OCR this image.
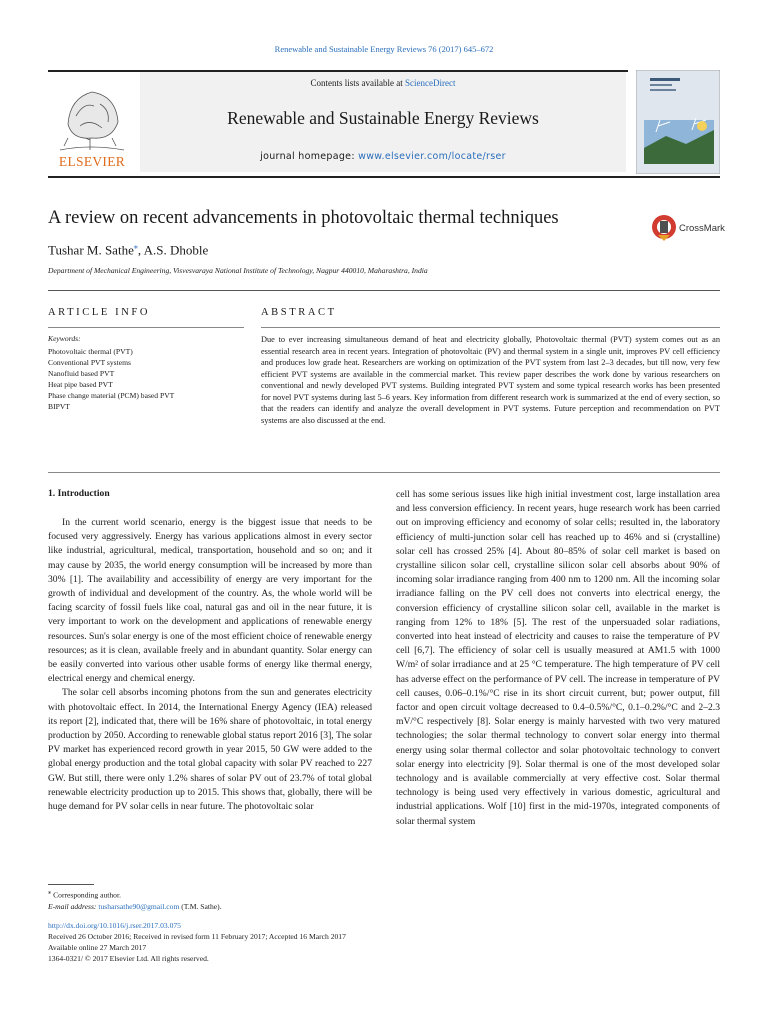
Renewable and Sustainable Energy Reviews 76 (2017) 645–672
ELSEVIER
Contents lists available at ScienceDirect
Renewable and Sustainable Energy Reviews
journal homepage: www.elsevier.com/locate/rser
A review on recent advancements in photovoltaic thermal techniques
CrossMark
Tushar M. Sathe⁎, A.S. Dhoble
Department of Mechanical Engineering, Visvesvaraya National Institute of Technology, Nagpur 440010, Maharashtra, India
ARTICLE INFO	ABSTRACT
Keywords:
Photovoltaic thermal (PVT)
Conventional PVT systems
Nanofluid based PVT
Heat pipe based PVT
Phase change material (PCM) based PVT
BIPVT

Due to ever increasing simultaneous demand of heat and electricity globally, Photovoltaic thermal (PVT) system comes out as an essential research area in recent years. Integration of photovoltaic (PV) and thermal system in a single unit, improves PV cell efficiency and produces low grade heat. Researchers are working on optimization of the PVT system from last 2–3 decades, but till now, very few efficient PVT systems are available in the commercial market. This review paper describes the work done by various researchers on conventional and newly developed PVT systems. Building integrated PVT system and some typical research works has been presented for novel PVT systems during last 5–6 years. Key information from different research work is summarized at the end of every section, so that the readers can identify and analyze the overall development in PVT systems. Future perception and recommendation on PVT systems are also discussed at the end.

1. Introduction

In the current world scenario, energy is the biggest issue that needs to be focused very aggressively. Energy has various applications almost in every sector like industrial, agricultural, medical, transportation, household and so on; and it may cause by 2035, the world energy consumption will be increased by more than 30% [1]. The availability and accessibility of energy are very important for the growth of individual and development of the country. As, the whole world will be facing scarcity of fossil fuels like coal, natural gas and oil in the near future, it is very important to work on the development and applications of renewable energy resources. Sun's solar energy is one of the most efficient choice of renewable energy resources; as it is clean, available freely and in abundant quantity. Solar energy can be easily converted into various other usable forms of energy like thermal energy, electrical energy and chemical energy.

The solar cell absorbs incoming photons from the sun and generates electricity with photovoltaic effect. In 2014, the International Energy Agency (IEA) released its report [2], indicated that, there will be 16% share of photovoltaic, in total energy production by 2050. According to renewable global status report 2016 [3], The solar PV market has experienced record growth in year 2015, 50 GW were added to the global energy production and the total global capacity with solar PV reached to 227 GW. But still, there were only 1.2% shares of solar PV out of 23.7% of total global renewable electricity production up to 2015. This shows that, globally, there will be huge demand for PV solar cells in near future. The photovoltaic solar

cell has some serious issues like high initial investment cost, large installation area and less conversion efficiency. In recent years, huge research work has been carried out on improving efficiency and economy of solar cells; resulted in, the laboratory efficiency of multi-junction solar cell has reached up to 46% and si (crystalline) solar cell has crossed 25% [4]. About 80–85% of solar cell market is based on crystalline silicon solar cell, crystalline silicon solar cell absorbs about 90% of incoming solar irradiance ranging from 400 nm to 1200 nm. All the incoming solar irradiance falling on the PV cell does not converts into electrical energy, the conversion efficiency of crystalline silicon solar cell, available in the market is ranging from 12% to 18% [5]. The rest of the unpersuaded solar radiations, converted into heat instead of electricity and causes to raise the temperature of PV cell [6,7]. The efficiency of solar cell is usually measured at AM1.5 with 1000 W/m² of solar irradiance and at 25 °C temperature. The high temperature of PV cell has adverse effect on the performance of PV cell. The increase in temperature of PV cell causes, 0.06–0.1%/°C rise in its short circuit current, but; power output, fill factor and open circuit voltage decreased to 0.4–0.5%/°C, 0.1–0.2%/°C and 2–2.3 mV/°C respectively [8]. Solar energy is mainly harvested with two very matured technologies; the solar thermal technology to convert solar energy into thermal energy using solar thermal collector and solar photovoltaic technology to convert solar energy into electricity [9]. Solar thermal is one of the most developed solar technology and is available commercially at very effective cost. Solar thermal technology is being used very effectively in various domestic, agricultural and industrial applications. Wolf [10] first in the mid-1970s, integrated components of solar thermal system

⁎ Corresponding author.
E-mail address: tusharsathe90@gmail.com (T.M. Sathe).
http://dx.doi.org/10.1016/j.rser.2017.03.075
Received 26 October 2016; Received in revised form 11 February 2017; Accepted 16 March 2017
Available online 27 March 2017
1364-0321/ © 2017 Elsevier Ltd. All rights reserved.
